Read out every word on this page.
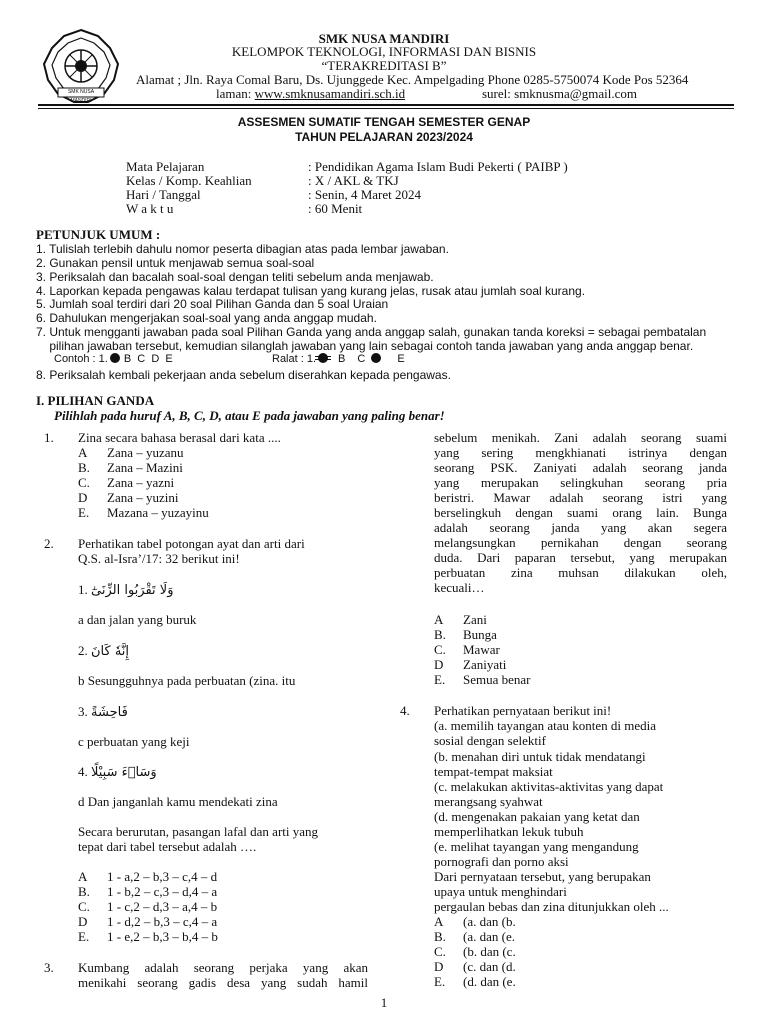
SMK NUSA MANDIRI
SMK NUSA MANDIRI
KELOMPOK TEKNOLOGI, INFORMASI DAN BISNIS
“TERAKREDITASI B”
Alamat ; Jln. Raya Comal Baru, Ds. Ujunggede Kec. Ampelgading Phone 0285-5750074 Kode Pos 52364
laman: www.smknusamandiri.sch.id	surel: smknusma@gmail.com
ASSESMEN SUMATIF TENGAH SEMESTER GENAP
TAHUN PELAJARAN 2023/2024
Mata Pelajaran	: Pendidikan Agama Islam Budi Pekerti ( PAIBP )
Kelas / Komp. Keahlian	: X / AKL & TKJ
Hari / Tanggal	: Senin, 4 Maret 2024
W a k t u	: 60 Menit
PETUNJUK UMUM :
1. Tulislah terlebih dahulu nomor peserta dibagian atas pada lembar jawaban.
2. Gunakan pensil untuk menjawab semua soal-soal
3. Periksalah dan bacalah soal-soal dengan teliti sebelum anda menjawab.
4. Laporkan kepada pengawas kalau terdapat tulisan yang kurang jelas, rusak atau jumlah soal kurang.
5. Jumlah soal terdiri dari 20 soal Pilihan Ganda dan 5 soal Uraian
6. Dahulukan mengerjakan soal-soal yang anda anggap mudah.
7. Untuk mengganti jawaban pada soal Pilihan Ganda yang anda anggap salah, gunakan tanda koreksi = sebagai pembatalan
pilihan jawaban tersebut, kemudian silanglah jawaban yang lain sebagai contoh tanda jawaban yang anda anggap benar.
Contoh : 1. B  C  D  E	Ralat : 1. B C	E
8. Periksalah kembali pekerjaan anda sebelum diserahkan kepada pengawas.
I. PILIHAN GANDA
Pilihlah pada huruf A, B, C, D, atau E pada jawaban yang paling benar!
1. Zina secara bahasa berasal dari kata ....
A Zana – yuzanu
B. Zana – Mazini
C. Zana – yazni
D Zana – yuzini
E. Mazana – yuzayinu
2. Perhatikan tabel potongan ayat dan arti dari
Q.S. al-Isra’/17: 32 berikut ini!
1. وَلَا تَقْرَبُوا الزِّنَىٰٓ
a dan jalan yang buruk
2. إِنَّهٗ كَانَ
b Sesungguhnya pada perbuatan (zina. itu
3. فَاحِشَةً
c perbuatan yang keji
4. وَسَاۤءَ سَبِيْلًا
d Dan janganlah kamu mendekati zina
Secara berurutan, pasangan lafal dan arti yang
tepat dari tabel tersebut adalah ….
A 1 - a,2 – b,3 – c,4 – d
B. 1 - b,2 – c,3 – d,4 – a
C. 1 - c,2 – d,3 – a,4 – b
D 1 - d,2 – b,3 – c,4 – a
E. 1 - e,2 – b,3 – b,4 – b
3. Kumbang adalah seorang perjaka yang akan
menikahi seorang gadis desa yang sudah hamil
sebelum menikah. Zani adalah seorang suami
yang sering mengkhianati istrinya dengan
seorang PSK. Zaniyati adalah seorang janda
yang merupakan selingkuhan seorang pria
beristri. Mawar adalah seorang istri yang
berselingkuh dengan suami orang lain. Bunga
adalah seorang janda yang akan segera
melangsungkan pernikahan dengan seorang
duda. Dari paparan tersebut, yang merupakan
perbuatan zina muhsan dilakukan oleh,
kecuali…
A Zani
B. Bunga
C. Mawar
D Zaniyati
E. Semua benar
4. Perhatikan pernyataan berikut ini!
(a. memilih tayangan atau konten di media
sosial dengan selektif
(b. menahan diri untuk tidak mendatangi
tempat-tempat maksiat
(c. melakukan aktivitas-aktivitas yang dapat
merangsang syahwat
(d. mengenakan pakaian yang ketat dan
memperlihatkan lekuk tubuh
(e. melihat tayangan yang mengandung
pornografi dan porno aksi
Dari pernyataan tersebut, yang berupakan
upaya untuk menghindari
pergaulan bebas dan zina ditunjukkan oleh ...
A (a. dan (b.
B. (a. dan (e.
C. (b. dan (c.
D (c. dan (d.
E. (d. dan (e.
1
